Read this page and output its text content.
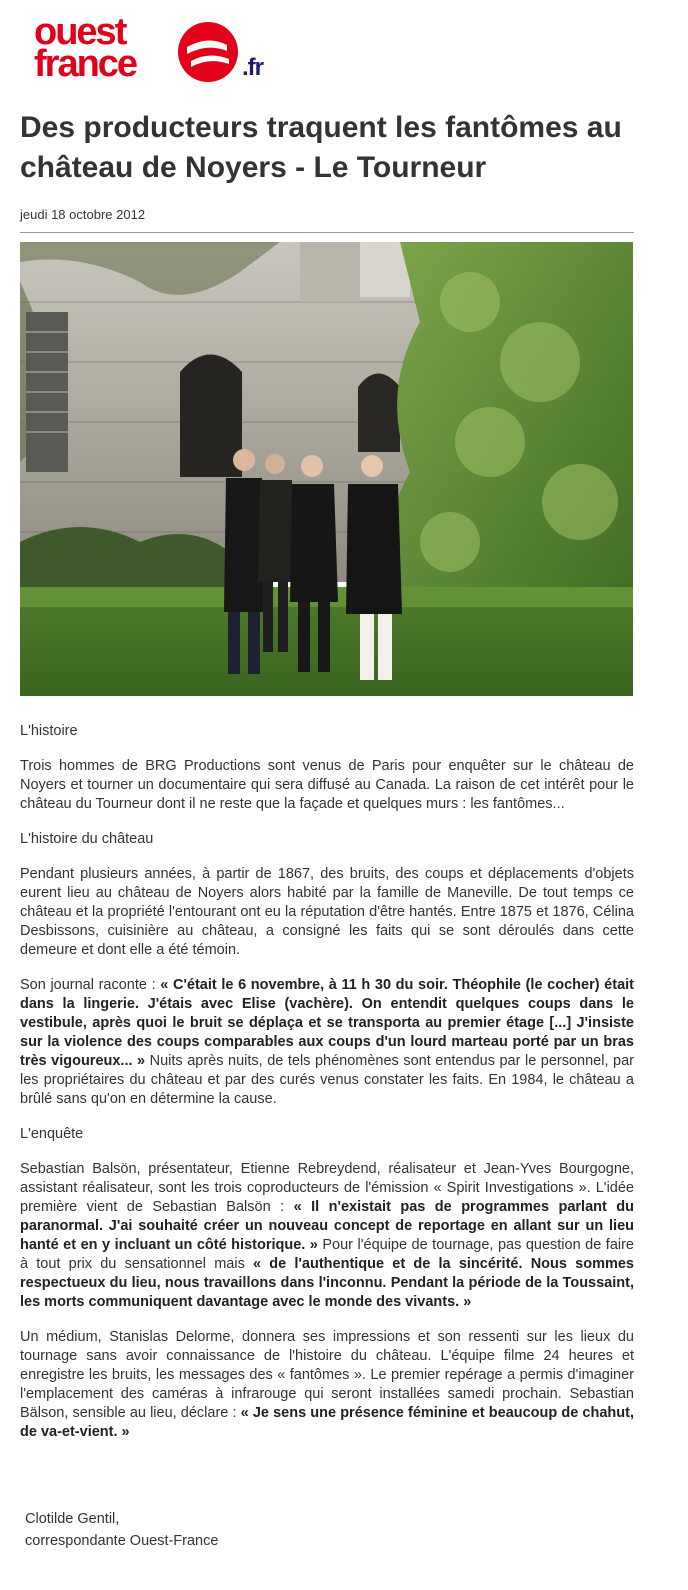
ouest
france	.fr
Des producteurs traquent les fantômes au château de Noyers - Le Tourneur
jeudi 18 octobre 2012

L'histoire

Trois hommes de BRG Productions sont venus de Paris pour enquêter sur le château de Noyers et tourner un documentaire qui sera diffusé au Canada. La raison de cet intérêt pour le château du Tourneur dont il ne reste que la façade et quelques murs : les fantômes...

L'histoire du château

Pendant plusieurs années, à partir de 1867, des bruits, des coups et déplacements d'objets eurent lieu au château de Noyers alors habité par la famille de Maneville. De tout temps ce château et la propriété l'entourant ont eu la réputation d'être hantés. Entre 1875 et 1876, Célina Desbissons, cuisinière au château, a consigné les faits qui se sont déroulés dans cette demeure et dont elle a été témoin.

Son journal raconte : « C'était le 6 novembre, à 11 h 30 du soir. Théophile (le cocher) était dans la lingerie. J'étais avec Elise (vachère). On entendit quelques coups dans le vestibule, après quoi le bruit se déplaça et se transporta au premier étage [...] J'insiste sur la violence des coups comparables aux coups d'un lourd marteau porté par un bras très vigoureux... » Nuits après nuits, de tels phénomènes sont entendus par le personnel, par les propriétaires du château et par des curés venus constater les faits. En 1984, le château a brûlé sans qu'on en détermine la cause.

L'enquête

Sebastian Balsön, présentateur, Etienne Rebreydend, réalisateur et Jean-Yves Bourgogne, assistant réalisateur, sont les trois coproducteurs de l'émission « Spirit Investigations ». L'idée première vient de Sebastian Balsön : « Il n'existait pas de programmes parlant du paranormal. J'ai souhaité créer un nouveau concept de reportage en allant sur un lieu hanté et en y incluant un côté historique. » Pour l'équipe de tournage, pas question de faire à tout prix du sensationnel mais « de l'authentique et de la sincérité. Nous sommes respectueux du lieu, nous travaillons dans l'inconnu. Pendant la période de la Toussaint, les morts communiquent davantage avec le monde des vivants. »

Un médium, Stanislas Delorme, donnera ses impressions et son ressenti sur les lieux du tournage sans avoir connaissance de l'histoire du château. L'équipe filme 24 heures et enregistre les bruits, les messages des « fantômes ». Le premier repérage a permis d'imaginer l'emplacement des caméras à infrarouge qui seront installées samedi prochain. Sebastian Bälson, sensible au lieu, déclare : « Je sens une présence féminine et beaucoup de chahut, de va-et-vient. »

Clotilde Gentil,
correspondante Ouest-France
